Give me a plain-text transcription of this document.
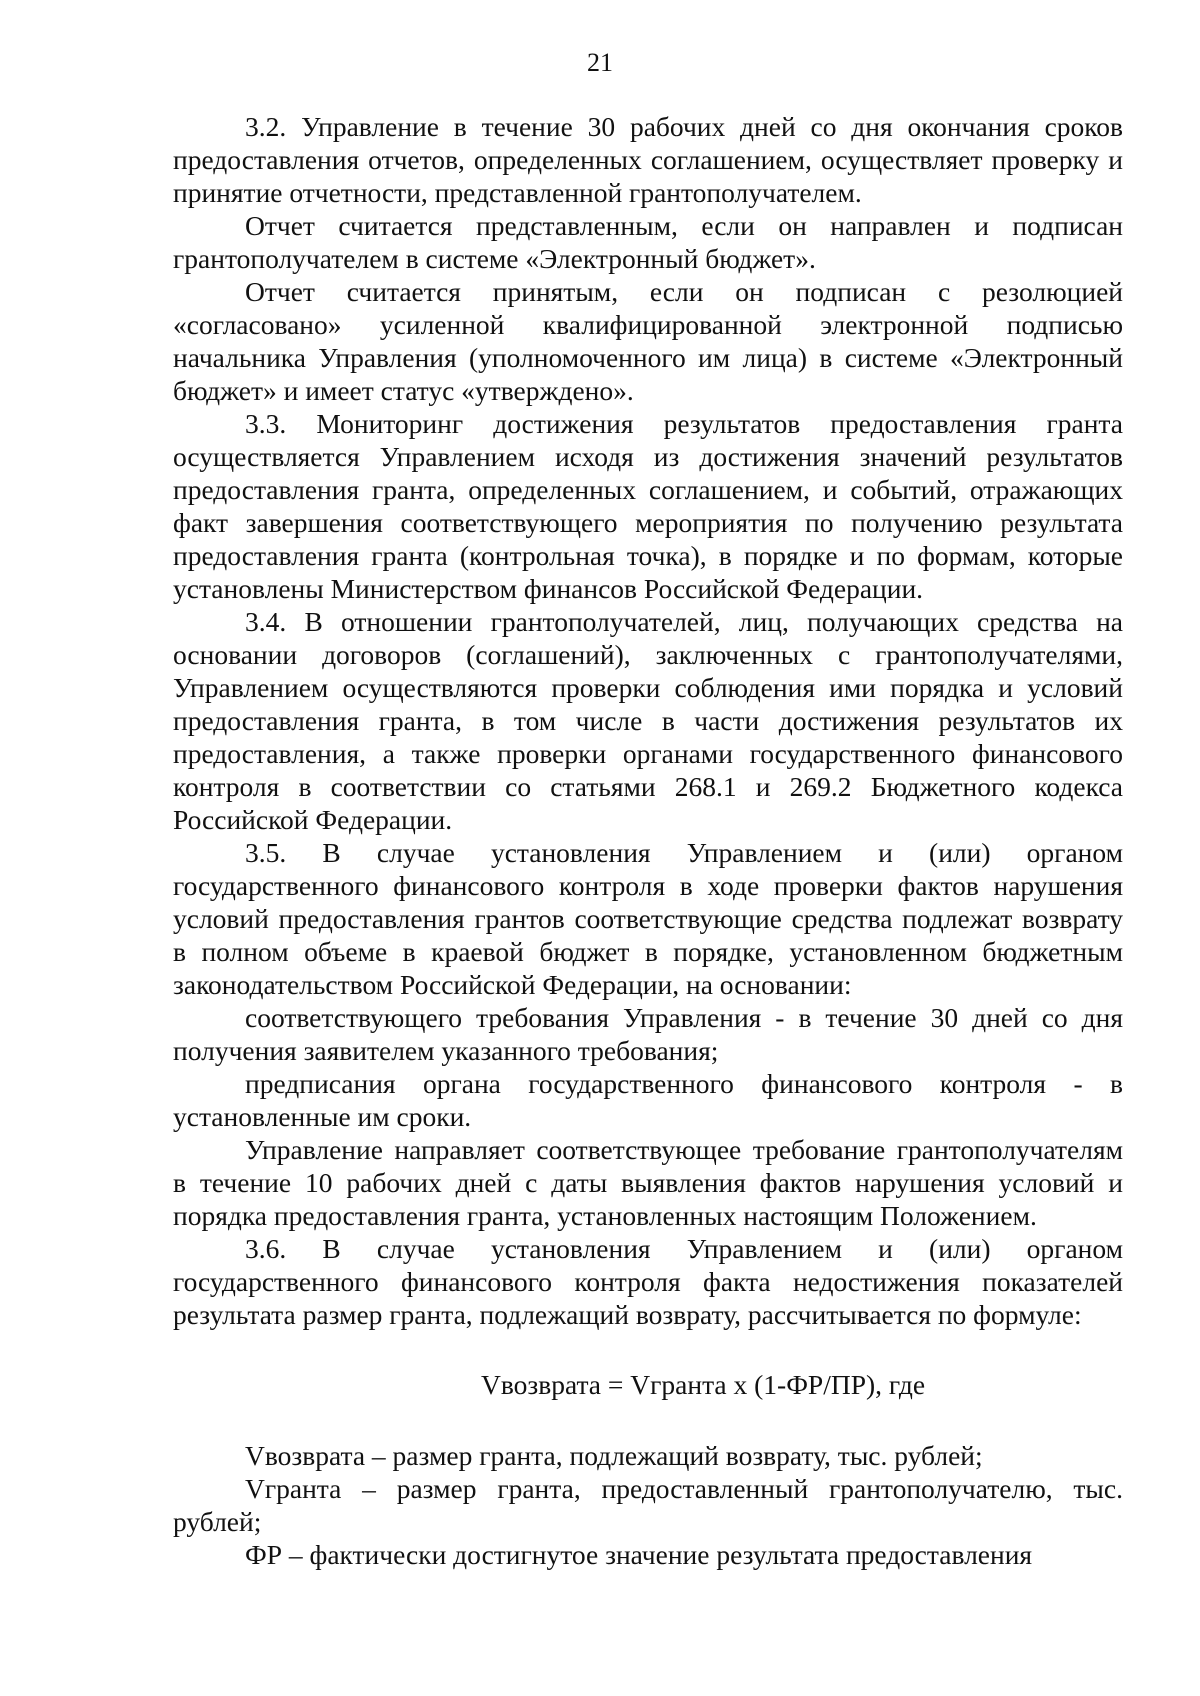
21

3.2. Управление в течение 30 рабочих дней со дня окончания сроков предоставления отчетов, определенных соглашением, осуществляет проверку и принятие отчетности, представленной грантополучателем.

Отчет считается представленным, если он направлен и подписан грантополучателем в системе «Электронный бюджет».

Отчет считается принятым, если он подписан с резолюцией «согласовано» усиленной квалифицированной электронной подписью начальника Управления (уполномоченного им лица) в системе «Электронный бюджет» и имеет статус «утверждено».

3.3. Мониторинг достижения результатов предоставления гранта осуществляется Управлением исходя из достижения значений результатов предоставления гранта, определенных соглашением, и событий, отражающих факт завершения соответствующего мероприятия по получению результата предоставления гранта (контрольная точка), в порядке и по формам, которые установлены Министерством финансов Российской Федерации.

3.4. В отношении грантополучателей, лиц, получающих средства на основании договоров (соглашений), заключенных с грантополучателями, Управлением осуществляются проверки соблюдения ими порядка и условий предоставления гранта, в том числе в части достижения результатов их предоставления, а также проверки органами государственного финансового контроля в соответствии со статьями 268.1 и 269.2 Бюджетного кодекса Российской Федерации.

3.5. В случае установления Управлением и (или) органом государственного финансового контроля в ходе проверки фактов нарушения условий предоставления грантов соответствующие средства подлежат возврату в полном объеме в краевой бюджет в порядке, установленном бюджетным законодательством Российской Федерации, на основании:

соответствующего требования Управления - в течение 30 дней со дня получения заявителем указанного требования;

предписания органа государственного финансового контроля - в установленные им сроки.

Управление направляет соответствующее требование грантополучателям в течение 10 рабочих дней с даты выявления фактов нарушения условий и порядка предоставления гранта, установленных настоящим Положением.

3.6. В случае установления Управлением и (или) органом государственного финансового контроля факта недостижения показателей результата размер гранта, подлежащий возврату, рассчитывается по формуле:

Vвозврата = Vгранта x (1-ФР/ПР), где

Vвозврата – размер гранта, подлежащий возврату, тыс. рублей;

Vгранта – размер гранта, предоставленный грантополучателю, тыс. рублей;

ФР – фактически достигнутое значение результата предоставления
